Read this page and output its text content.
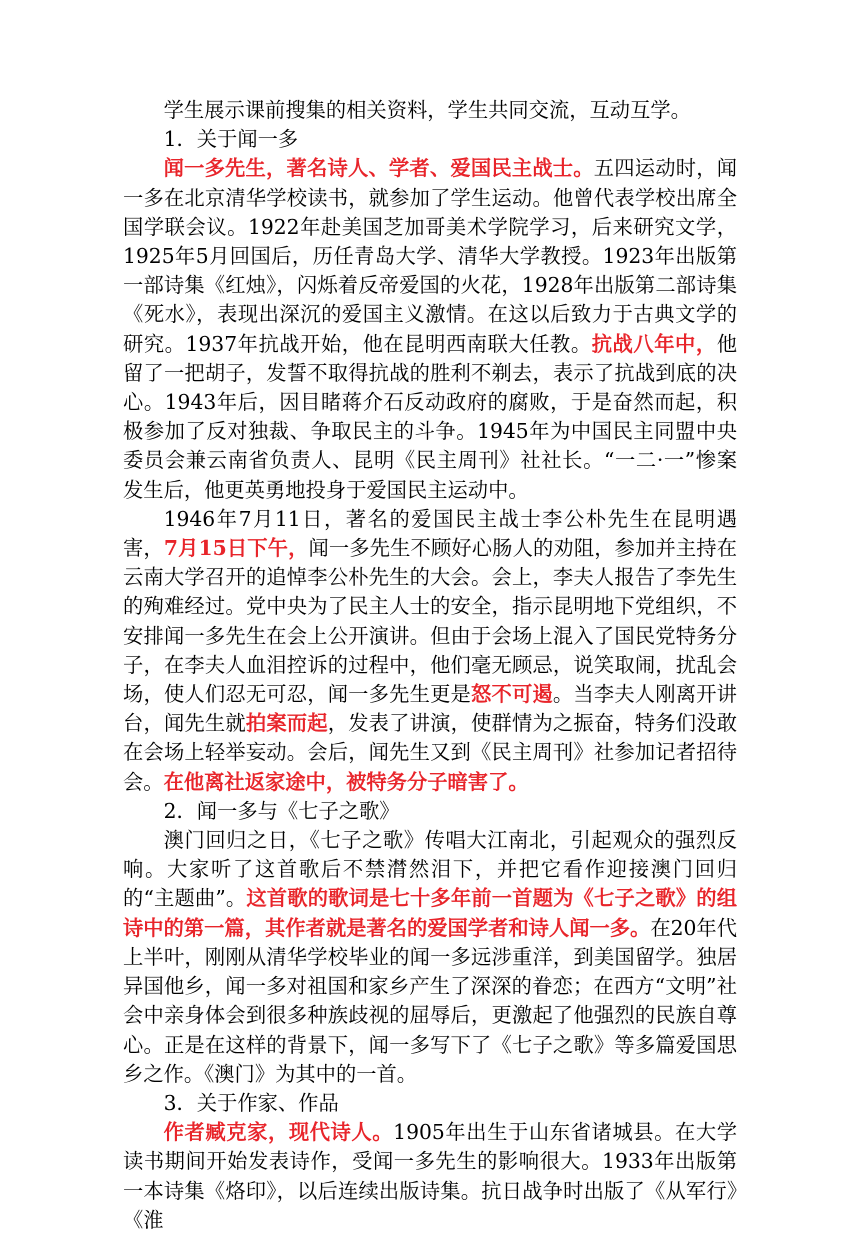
学生展示课前搜集的相关资料，学生共同交流，互动互学。

1．关于闻一多

闻一多先生，著名诗人、学者、爱国民主战士。五四运动时，闻一多在北京清华学校读书，就参加了学生运动。他曾代表学校出席全国学联会议。1922年赴美国芝加哥美术学院学习，后来研究文学，1925年5月回国后，历任青岛大学、清华大学教授。1923年出版第一部诗集《红烛》，闪烁着反帝爱国的火花，1928年出版第二部诗集《死水》，表现出深沉的爱国主义激情。在这以后致力于古典文学的研究。1937年抗战开始，他在昆明西南联大任教。抗战八年中，他留了一把胡子，发誓不取得抗战的胜利不剃去，表示了抗战到底的决心。1943年后，因目睹蒋介石反动政府的腐败，于是奋然而起，积极参加了反对独裁、争取民主的斗争。1945年为中国民主同盟中央委员会兼云南省负责人、昆明《民主周刊》社社长。“一二·一”惨案发生后，他更英勇地投身于爱国民主运动中。

1946年7月11日，著名的爱国民主战士李公朴先生在昆明遇害，7月15日下午，闻一多先生不顾好心肠人的劝阻，参加并主持在云南大学召开的追悼李公朴先生的大会。会上，李夫人报告了李先生的殉难经过。党中央为了民主人士的安全，指示昆明地下党组织，不安排闻一多先生在会上公开演讲。但由于会场上混入了国民党特务分子，在李夫人血泪控诉的过程中，他们毫无顾忌，说笑取闹，扰乱会场，使人们忍无可忍，闻一多先生更是怒不可遏。当李夫人刚离开讲台，闻先生就拍案而起，发表了讲演，使群情为之振奋，特务们没敢在会场上轻举妄动。会后，闻先生又到《民主周刊》社参加记者招待会。在他离社返家途中，被特务分子暗害了。

2．闻一多与《七子之歌》

澳门回归之日，《七子之歌》传唱大江南北，引起观众的强烈反响。大家听了这首歌后不禁潸然泪下，并把它看作迎接澳门回归的“主题曲”。这首歌的歌词是七十多年前一首题为《七子之歌》的组诗中的第一篇，其作者就是著名的爱国学者和诗人闻一多。在20年代上半叶，刚刚从清华学校毕业的闻一多远涉重洋，到美国留学。独居异国他乡，闻一多对祖国和家乡产生了深深的眷恋；在西方“文明”社会中亲身体会到很多种族歧视的屈辱后，更激起了他强烈的民族自尊心。正是在这样的背景下，闻一多写下了《七子之歌》等多篇爱国思乡之作。《澳门》为其中的一首。

3．关于作家、作品

作者臧克家，现代诗人。1905年出生于山东省诸城县。在大学读书期间开始发表诗作，受闻一多先生的影响很大。1933年出版第一本诗集《烙印》，以后连续出版诗集。抗日战争时出版了《从军行》《淮
